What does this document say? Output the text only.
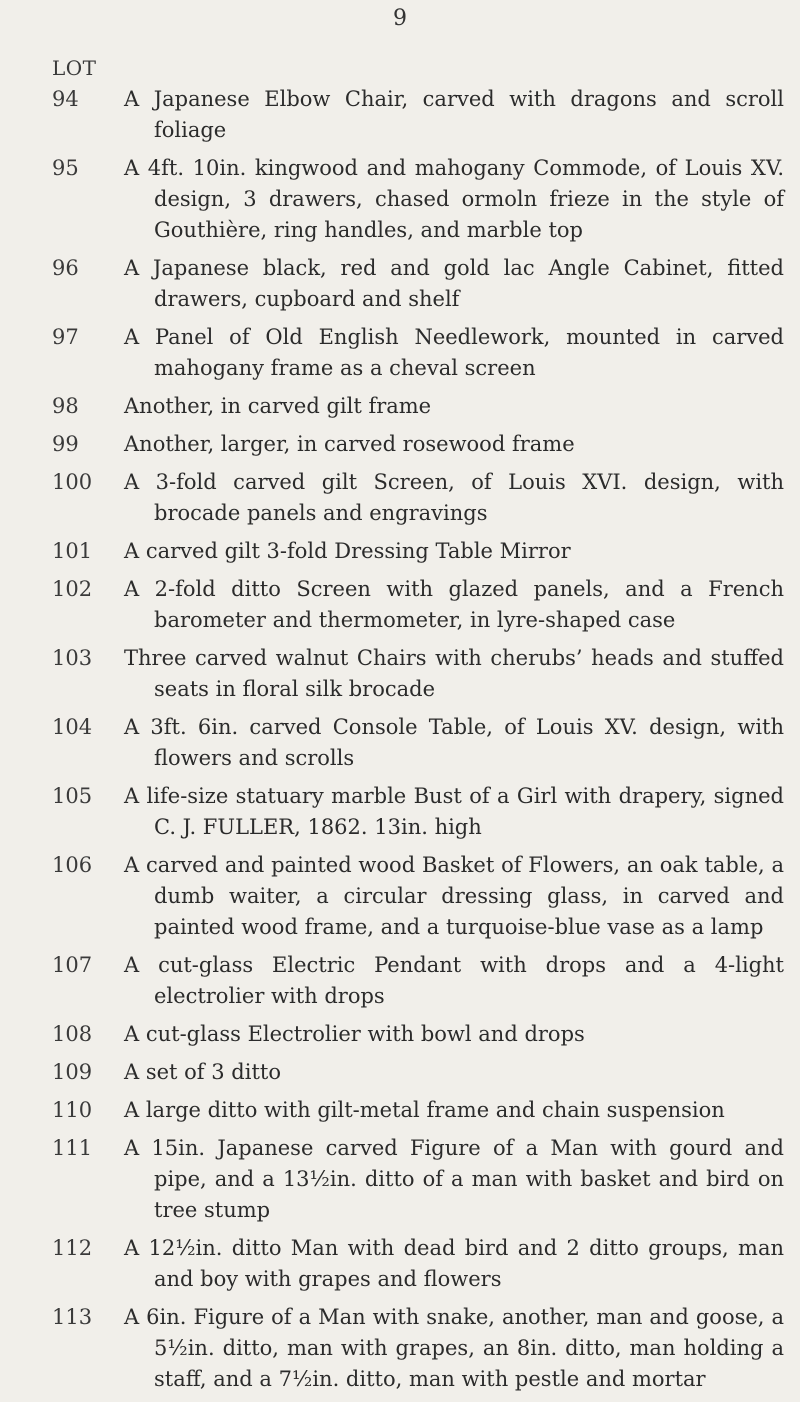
9
LOT
94	A Japanese Elbow Chair, carved with dragons and scroll foliage
95	A 4ft. 10in. kingwood and mahogany Commode, of Louis XV. design, 3 drawers, chased ormoln frieze in the style of Gouthière, ring handles, and marble top
96	A Japanese black, red and gold lac Angle Cabinet, fitted drawers, cupboard and shelf
97	A Panel of Old English Needlework, mounted in carved mahogany frame as a cheval screen
98	Another, in carved gilt frame
99	Another, larger, in carved rosewood frame
100	A 3-fold carved gilt Screen, of Louis XVI. design, with brocade panels and engravings
101	A carved gilt 3-fold Dressing Table Mirror
102	A 2-fold ditto Screen with glazed panels, and a French barometer and thermometer, in lyre-shaped case
103	Three carved walnut Chairs with cherubs’ heads and stuffed seats in floral silk brocade
104	A 3ft. 6in. carved Console Table, of Louis XV. design, with flowers and scrolls
105	A life-size statuary marble Bust of a Girl with drapery, signed C. J. FULLER, 1862. 13in. high
106	A carved and painted wood Basket of Flowers, an oak table, a dumb waiter, a circular dressing glass, in carved and painted wood frame, and a turquoise-blue vase as a lamp
107	A cut-glass Electric Pendant with drops and a 4-light electrolier with drops
108	A cut-glass Electrolier with bowl and drops
109	A set of 3 ditto
110	A large ditto with gilt-metal frame and chain suspension
111	A 15in. Japanese carved Figure of a Man with gourd and pipe, and a 13½in. ditto of a man with basket and bird on tree stump
112	A 12½in. ditto Man with dead bird and 2 ditto groups, man and boy with grapes and flowers
113	A 6in. Figure of a Man with snake, another, man and goose, a 5½in. ditto, man with grapes, an 8in. ditto, man holding a staff, and a 7½in. ditto, man with pestle and mortar
